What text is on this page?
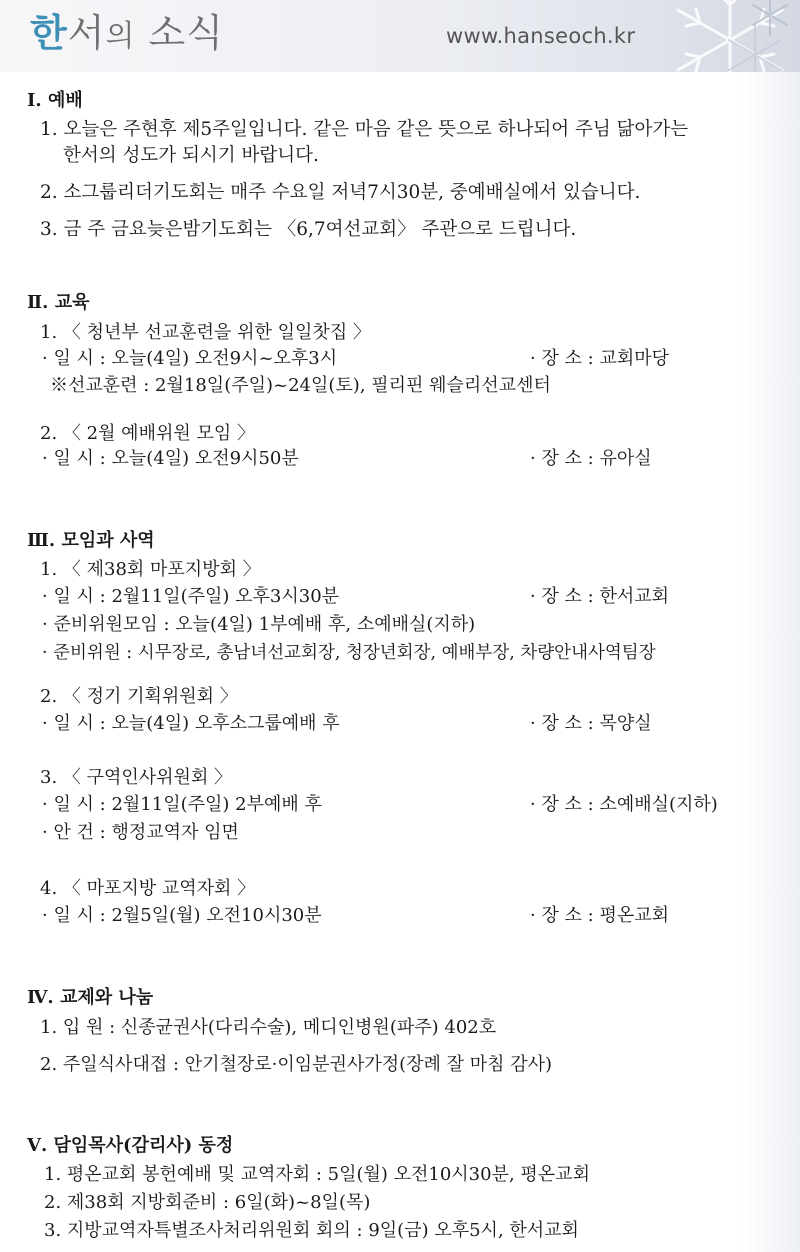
한서의 소식	www.hanseoch.kr
Ⅰ. 예배
1. 오늘은 주현후 제5주일입니다. 같은 마음 같은 뜻으로 하나되어 주님 닮아가는
한서의 성도가 되시기 바랍니다.
2. 소그룹리더기도회는 매주 수요일 저녁7시30분, 중예배실에서 있습니다.
3. 금 주 금요늦은밤기도회는 〈6,7여선교회〉 주관으로 드립니다.
Ⅱ. 교육
1. 〈 청년부 선교훈련을 위한 일일찻집 〉
· 일 시 : 오늘(4일) 오전9시~오후3시	· 장 소 : 교회마당
※선교훈련 : 2월18일(주일)~24일(토), 필리핀 웨슬리선교센터
2. 〈 2월 예배위원 모임 〉
· 일 시 : 오늘(4일) 오전9시50분	· 장 소 : 유아실
Ⅲ. 모임과 사역
1. 〈 제38회 마포지방회 〉
· 일 시 : 2월11일(주일) 오후3시30분	· 장 소 : 한서교회
· 준비위원모임 : 오늘(4일) 1부예배 후, 소예배실(지하)
· 준비위원 : 시무장로, 총남녀선교회장, 청장년회장, 예배부장, 차량안내사역팀장
2. 〈 정기 기획위원회 〉
· 일 시 : 오늘(4일) 오후소그룹예배 후	· 장 소 : 목양실
3. 〈 구역인사위원회 〉
· 일 시 : 2월11일(주일) 2부예배 후	· 장 소 : 소예배실(지하)
· 안 건 : 행정교역자 임면
4. 〈 마포지방 교역자회 〉
· 일 시 : 2월5일(월) 오전10시30분	· 장 소 : 평온교회
Ⅳ. 교제와 나눔
1. 입 원 : 신종균권사(다리수술), 메디인병원(파주) 402호
2. 주일식사대접 : 안기철장로·이임분권사가정(장례 잘 마침 감사)
Ⅴ. 담임목사(감리사) 동정
1. 평온교회 봉헌예배 및 교역자회 : 5일(월) 오전10시30분, 평온교회
2. 제38회 지방회준비 : 6일(화)~8일(목)
3. 지방교역자특별조사처리위원회 회의 : 9일(금) 오후5시, 한서교회
